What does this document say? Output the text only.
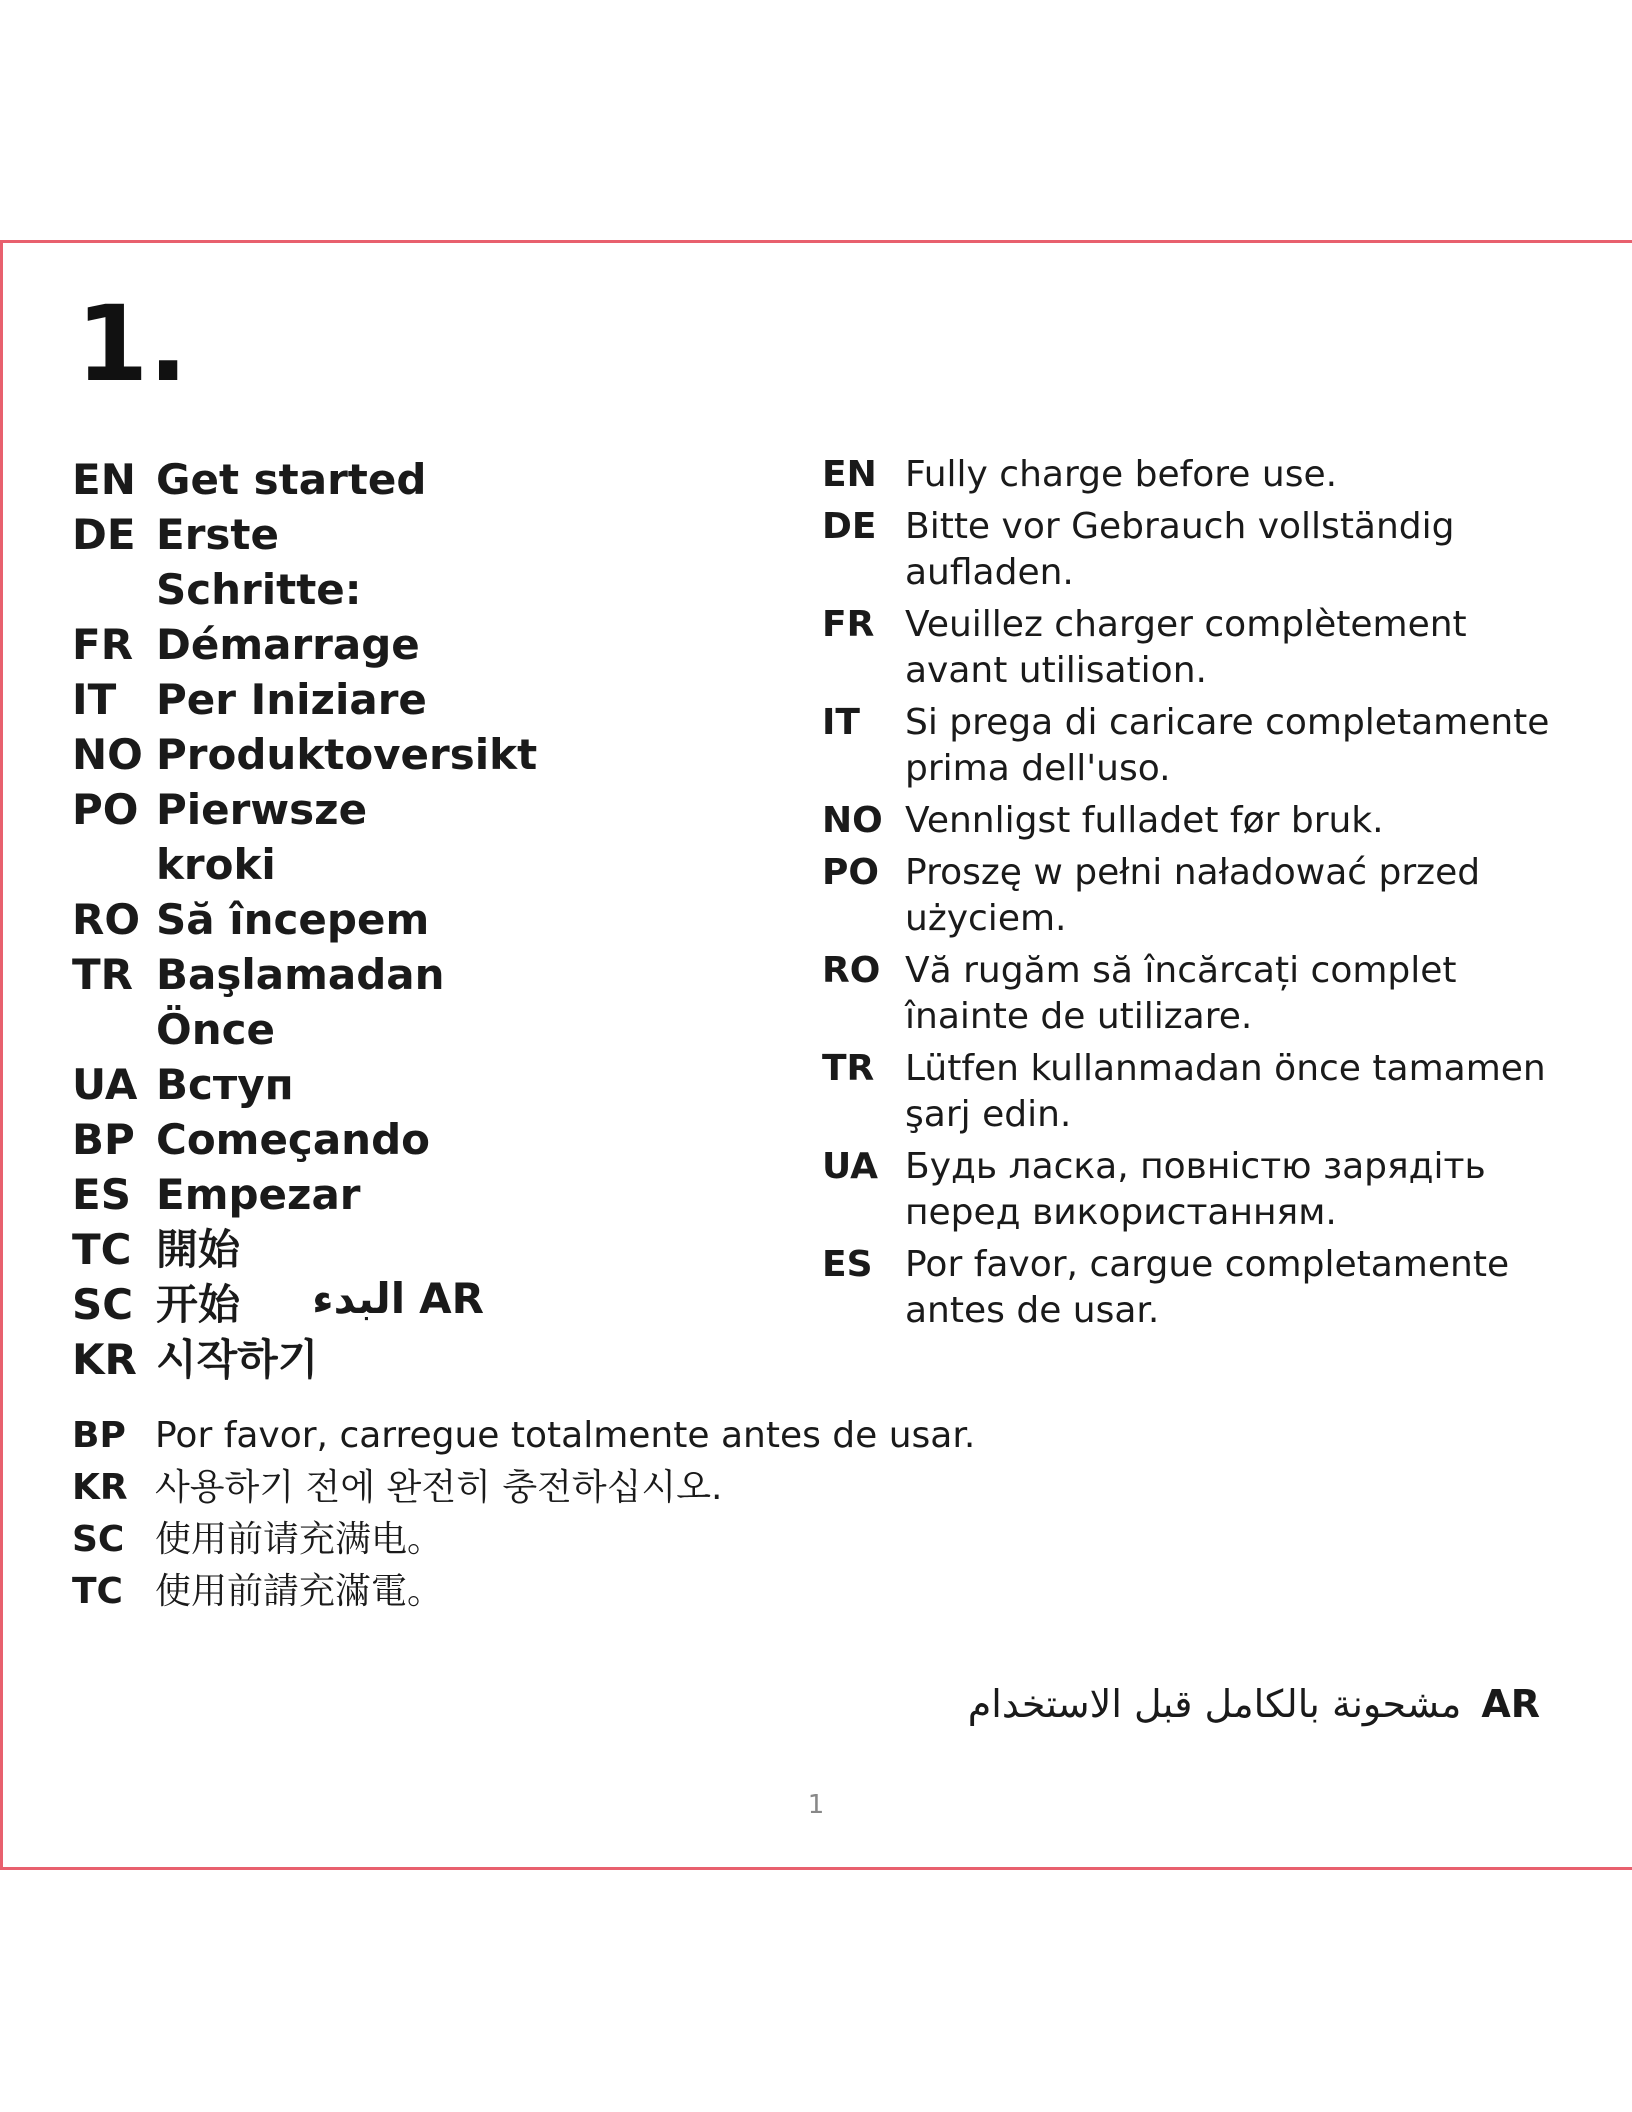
1.
EN Get started
DE Erste Schritte:
FR Démarrage
IT Per Iniziare
NO Produktoversikt
PO Pierwsze kroki
RO Să începem
TR Başlamadan Önce
UA Вступ
BP Começando
ES Empezar
TC 開始
SC 开始
KR 시작하기
البدء AR
EN Fully charge before use.
DE Bitte vor Gebrauch vollständig aufladen.
FR Veuillez charger complètement avant utilisation.
IT	Si prega di caricare completamente prima dell'uso.
NO Vennligst fulladet før bruk.
PO Proszę w pełni naładować przed użyciem.
RO Vă rugăm să încărcați complet înainte de utilizare.
TR Lütfen kullanmadan önce tamamen şarj edin.
UA Будь ласка, повністю зарядіть перед використанням.
ES Por favor, cargue completamente antes de usar.
BP Por favor, carregue totalmente antes de usar.
KR 사용하기 전에 완전히 충전하십시오.
SC 使用前请充满电。
TC 使用前請充滿電。
مشحونة بالكامل قبل الاستخدام AR
1
